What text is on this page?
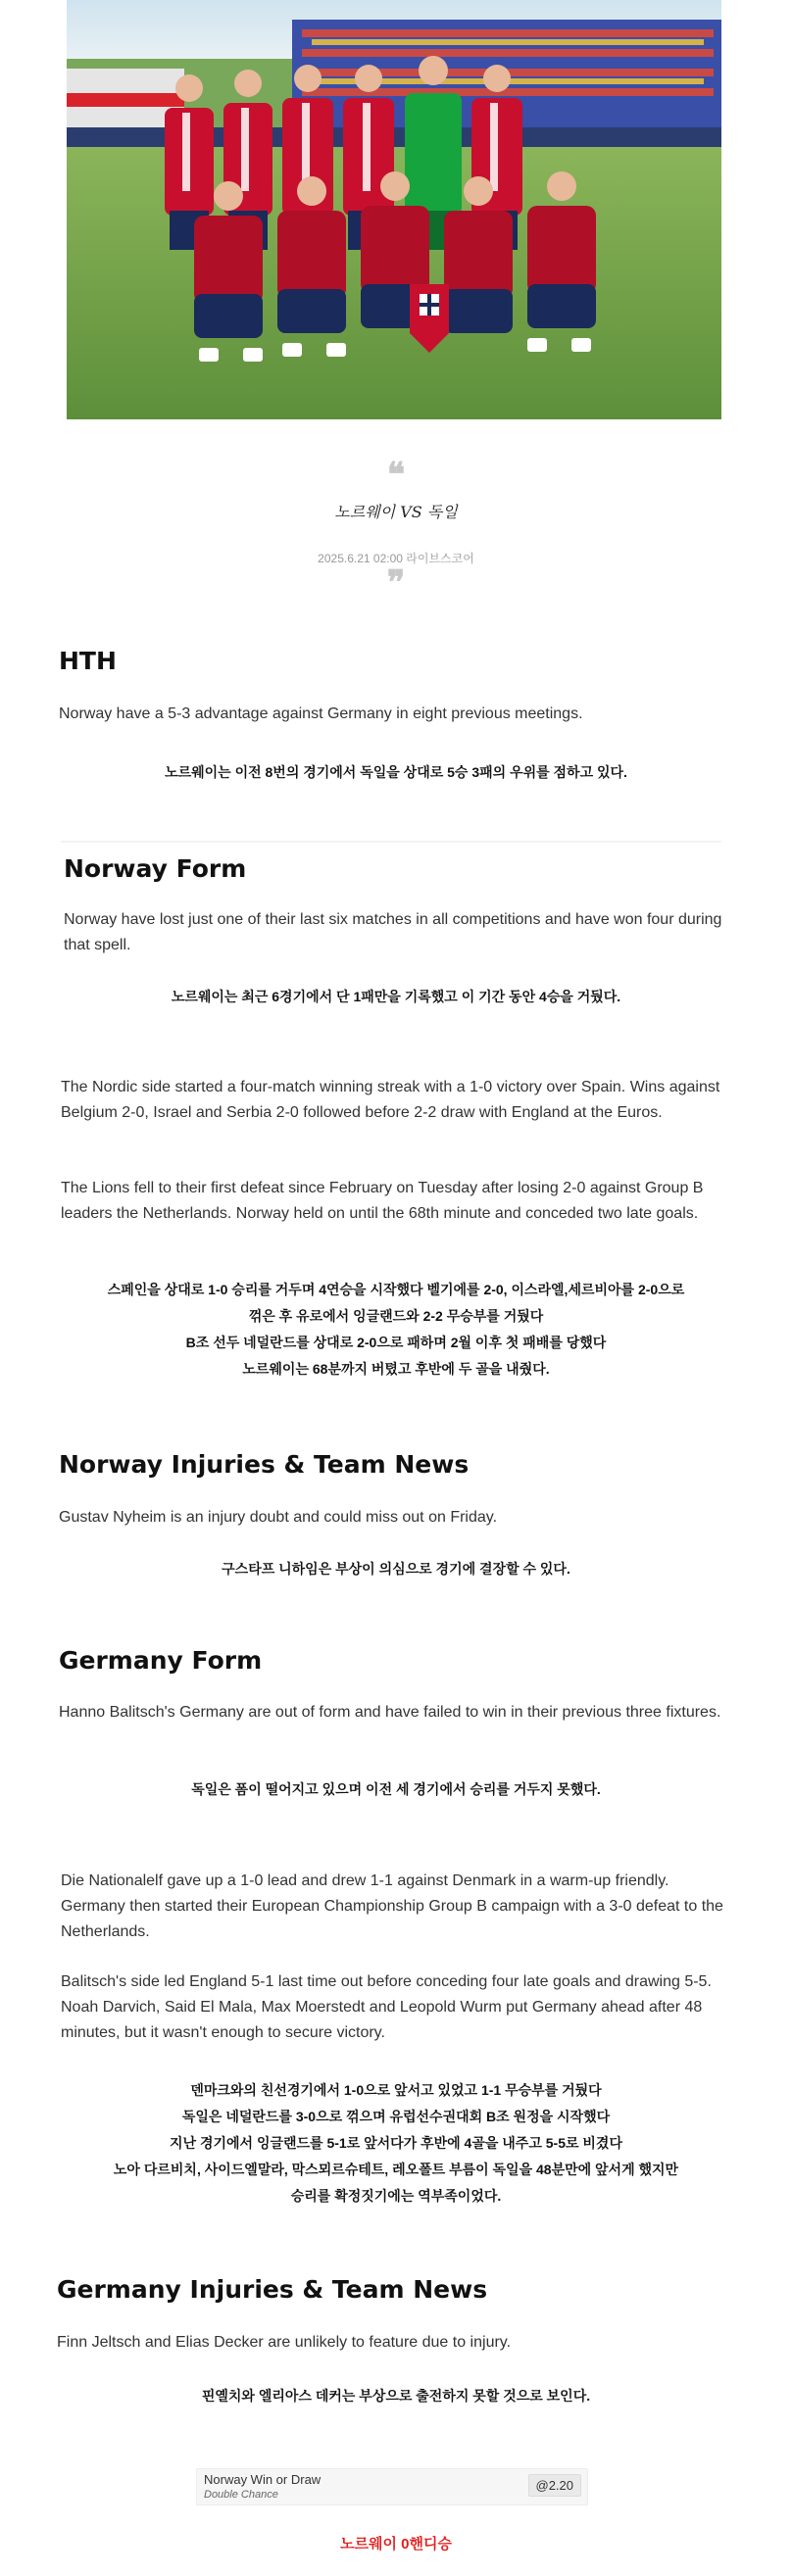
❝
노르웨이 VS 독일
2025.6.21 02:00 라이브스코어
❞
HTH

Norway have a 5-3 advantage against Germany in eight previous meetings.

노르웨이는 이전 8번의 경기에서 독일을 상대로 5승 3패의 우위를 점하고 있다.

Norway Form

Norway have lost just one of their last six matches in all competitions and have won four during that spell.

노르웨이는 최근 6경기에서 단 1패만을 기록했고 이 기간 동안 4승을 거뒀다.

The Nordic side started a four-match winning streak with a 1-0 victory over Spain. Wins against Belgium 2-0, Israel and Serbia 2-0 followed before 2-2 draw with England at the Euros.

The Lions fell to their first defeat since February on Tuesday after losing 2-0 against Group B leaders the Netherlands. Norway held on until the 68th minute and conceded two late goals.

스페인을 상대로 1-0 승리를 거두며 4연승을 시작했다 벨기에를 2-0, 이스라엘,세르비아를 2-0으로
꺾은 후 유로에서 잉글랜드와 2-2 무승부를 거뒀다
B조 선두 네덜란드를 상대로 2-0으로 패하며 2월 이후 첫 패배를 당했다
노르웨이는 68분까지 버텼고 후반에 두 골을 내줬다.
Norway Injuries & Team News

Gustav Nyheim is an injury doubt and could miss out on Friday.

구스타프 니하임은 부상이 의심으로 경기에 결장할 수 있다.

Germany Form

Hanno Balitsch's Germany are out of form and have failed to win in their previous three fixtures.

독일은 폼이 떨어지고 있으며 이전 세 경기에서 승리를 거두지 못했다.

Die Nationalelf gave up a 1-0 lead and drew 1-1 against Denmark in a warm-up friendly. Germany then started their European Championship Group B campaign with a 3-0 defeat to the Netherlands.

Balitsch's side led England 5-1 last time out before conceding four late goals and drawing 5-5. Noah Darvich, Said El Mala, Max Moerstedt and Leopold Wurm put Germany ahead after 48 minutes, but it wasn't enough to secure victory.

덴마크와의 친선경기에서 1-0으로 앞서고 있었고 1-1 무승부를 거뒀다
독일은 네덜란드를 3-0으로 꺾으며 유럽선수권대회 B조 원정을 시작했다
지난 경기에서 잉글랜드를 5-1로 앞서다가 후반에 4골을 내주고 5-5로 비겼다
노아 다르비치, 사이드엘말라, 막스뫼르슈테트, 레오폴트 부름이 독일을 48분만에 앞서게 했지만
승리를 확정짓기에는 역부족이었다.
Germany Injuries & Team News

Finn Jeltsch and Elias Decker are unlikely to feature due to injury.

핀옐치와 엘리아스 데커는 부상으로 출전하지 못할 것으로 보인다.

Norway Win or Draw
Double Chance
@2.20
노르웨이 0핸디승
